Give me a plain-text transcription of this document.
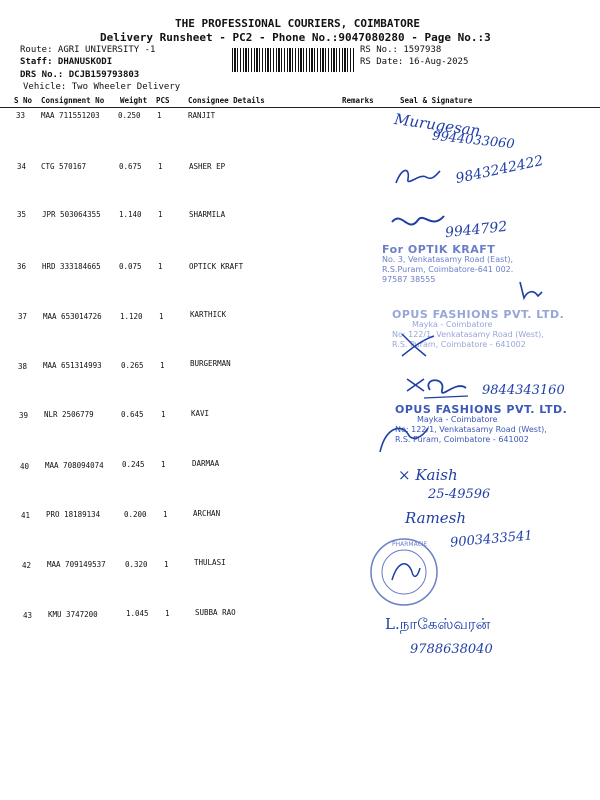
THE PROFESSIONAL COURIERS, COIMBATORE
Delivery Runsheet - PC2 - Phone No.:9047080280 - Page No.:3
Route: AGRI UNIVERSITY -1
Staff: DHANUSKODI
DRS No.: DCJB159793803
Vehicle: Two Wheeler Delivery
RS No.: 1597938
RS Date: 16-Aug-2025
S No Consignment No Weight PCS Consignee Details	Remarks	Seal & Signature
33 MAA 711551203 0.250 1	RANJIT
34 CTG 570167	0.675 1	ASHER EP
35 JPR 503064355 1.140 1	SHARMILA
36 HRD 333184665 0.075 1	OPTICK KRAFT
37 MAA 653014726 1.120 1	KARTHICK
38 MAA 651314993	0.265 1	BURGERMAN
39 NLR 2506779	0.645 1	KAVI
40 MAA 708094074 0.245 1	DARMAA
41 PRO 18189134	0.200 1	ARCHAN
42 MAA 709149537	0.320 1	THULASI
43 KMU 3747200	1.045 1	SUBBA RAO
Murugesan
9944033060
9843242422
9944792
For OPTIK KRAFT
No. 3, Venkatasamy Road (East),
R.S.Puram, Coimbatore-641 002.
97587 38555
OPUS FASHIONS PVT. LTD.
Mayka - Coimbatore
No: 122/1, Venkatasamy Road (West),
R.S. Puram, Coimbatore - 641002
9844343160
OPUS FASHIONS PVT. LTD.
Mayka - Coimbatore
No: 122/1, Venkatasamy Road (West),
R.S. Puram, Coimbatore - 641002
× Kaish
25-49596
Ramesh
9003433541
PHARMACIE
L.நாகேஸ்வரன்
9788638040
